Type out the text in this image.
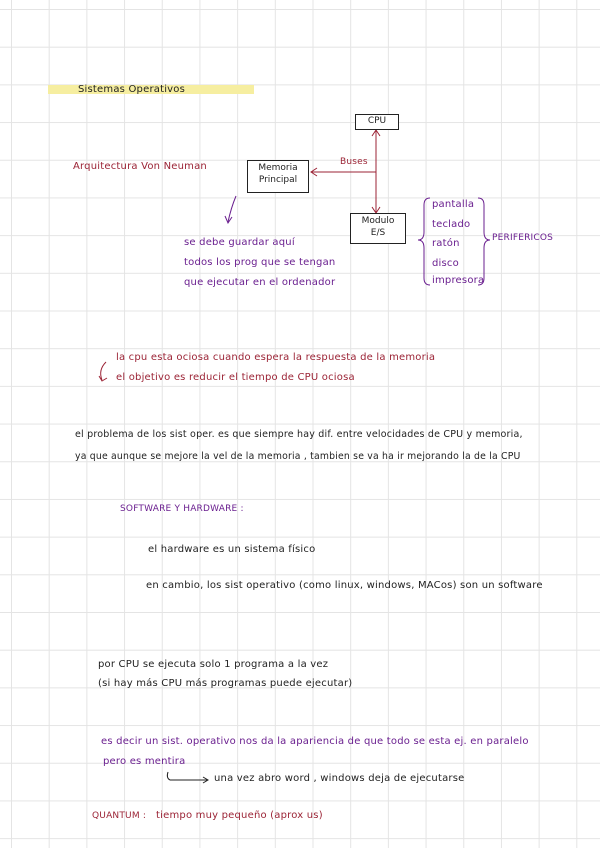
Sistemas Operativos
Arquitectura Von Neuman
CPU
Memoria
Principal
Buses
Modulo
E/S
pantalla
teclado
ratón
disco
impresora
PERIFERICOS
se debe guardar aquí
todos los prog que se tengan
que ejecutar en el ordenador
la cpu esta ociosa cuando espera la respuesta de la memoria
el objetivo es reducir el tiempo de CPU ociosa
el problema de los sist oper. es que siempre hay dif. entre velocidades de CPU y memoria,
ya que aunque se mejore la vel de la memoria , tambien se va ha ir mejorando la de la CPU
SOFTWARE Y HARDWARE :
el hardware es un sistema físico
en cambio, los sist operativo (como linux, windows, MACos) son un software
por CPU se ejecuta solo 1 programa a la vez
(si hay más CPU más programas puede ejecutar)
es decir un sist. operativo nos da la apariencia de que todo se esta ej. en paralelo
pero es mentira
una vez abro word , windows deja de ejecutarse
QUANTUM : tiempo muy pequeño (aprox us)
